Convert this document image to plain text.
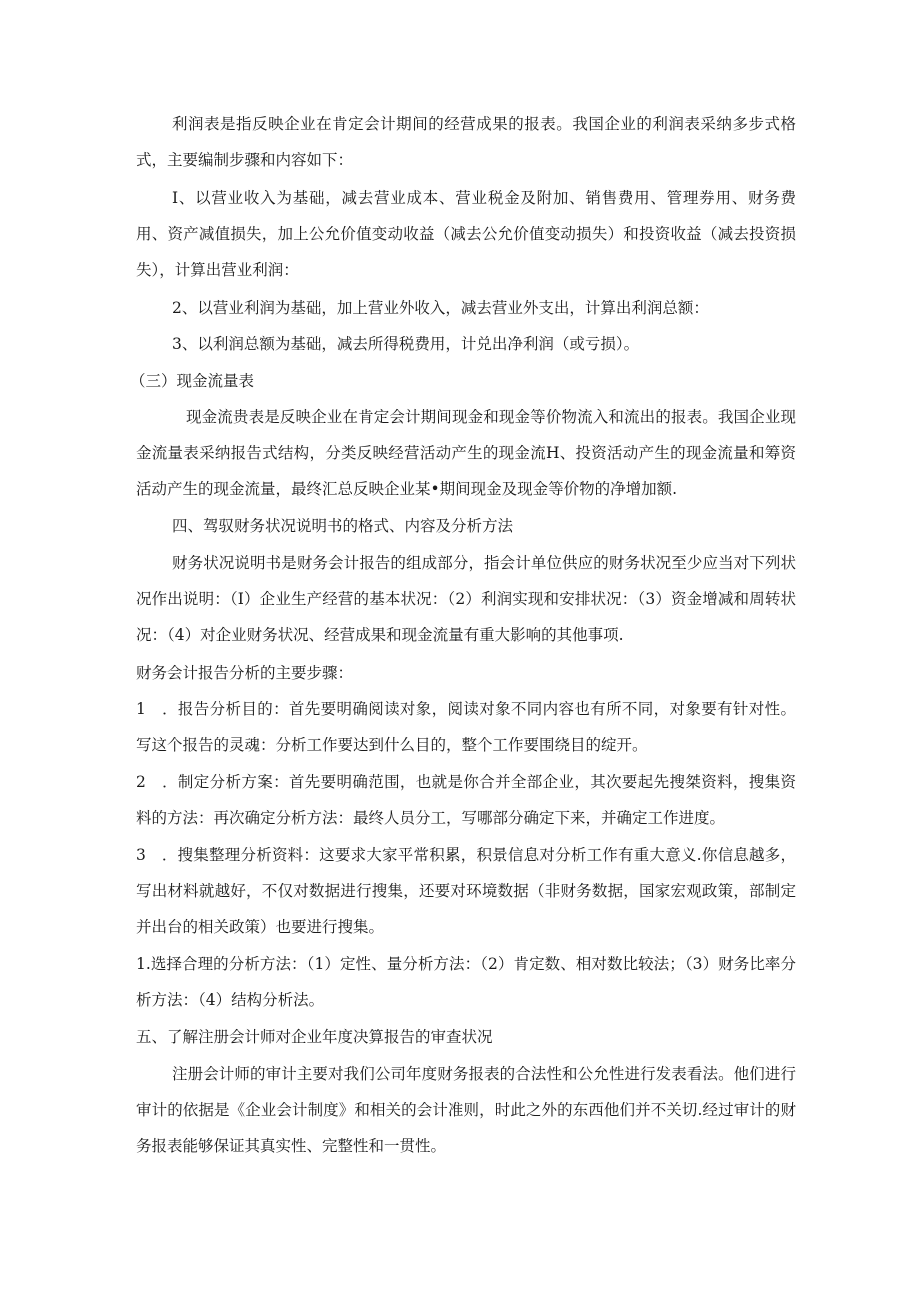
利润表是指反映企业在肯定会计期间的经营成果的报表。我国企业的利润表采纳多步式格式，主要编制步骤和内容如下：

Ⅰ、以营业收入为基础，减去营业成本、营业税金及附加、销售费用、管理券用、财务费用、资产减值损失，加上公允价值变动收益（减去公允价值变动损失）和投资收益（减去投资损失），计算出营业利润：

2、以营业利润为基础，加上营业外收入，减去营业外支出，计算出利润总额：

3、以利润总额为基础，减去所得税费用，计兑出净利润（或亏损）。

（三）现金流量表

现金流贵表是反映企业在肯定会计期间现金和现金等价物流入和流出的报表。我国企业现金流量表采纳报告式结构，分类反映经营活动产生的现金流H、投资活动产生的现金流量和筹资活动产生的现金流量，最终汇总反映企业某•期间现金及现金等价物的净增加额.

四、驾驭财务状况说明书的格式、内容及分析方法

财务状况说明书是财务会计报告的组成部分，指会计单位供应的财务状况至少应当对下列状况作出说明：（I）企业生产经营的基本状况：（2）利润实现和安排状况：（3）资金增减和周转状况：（4）对企业财务状况、经营成果和现金流量有重大影响的其他事项.

财务会计报告分析的主要步骤：

1　．报告分析目的：首先要明确阅读对象，阅读对象不同内容也有所不同，对象要有针对性。写这个报告的灵魂：分析工作要达到什么目的，整个工作要围绕目的绽开。

2　．制定分析方案：首先要明确范围，也就是你合并全部企业，其次要起先搜桀资料，搜集资料的方法：再次确定分析方法：最终人员分工，写哪部分确定下来，并确定工作进度。

3　．搜集整理分析资料：这要求大家平常积累，积景信息对分析工作有重大意义.你信息越多，写出材料就越好，不仅对数据进行搜集，还要对环境数据（非财务数据，国家宏观政策，部制定并出台的相关政策）也要进行搜集。

1.选择合理的分析方法：（1）定性、量分析方法：（2）肯定数、相对数比较法；（3）财务比率分析方法：（4）结构分析法。

五、了解注册会计师对企业年度决算报告的审查状况

注册会计师的审计主要对我们公司年度财务报表的合法性和公允性进行发表看法。他们进行审计的依据是《企业会计制度》和相关的会计准则，时此之外的东西他们并不关切.经过审计的财务报表能够保证其真实性、完整性和一贯性。
